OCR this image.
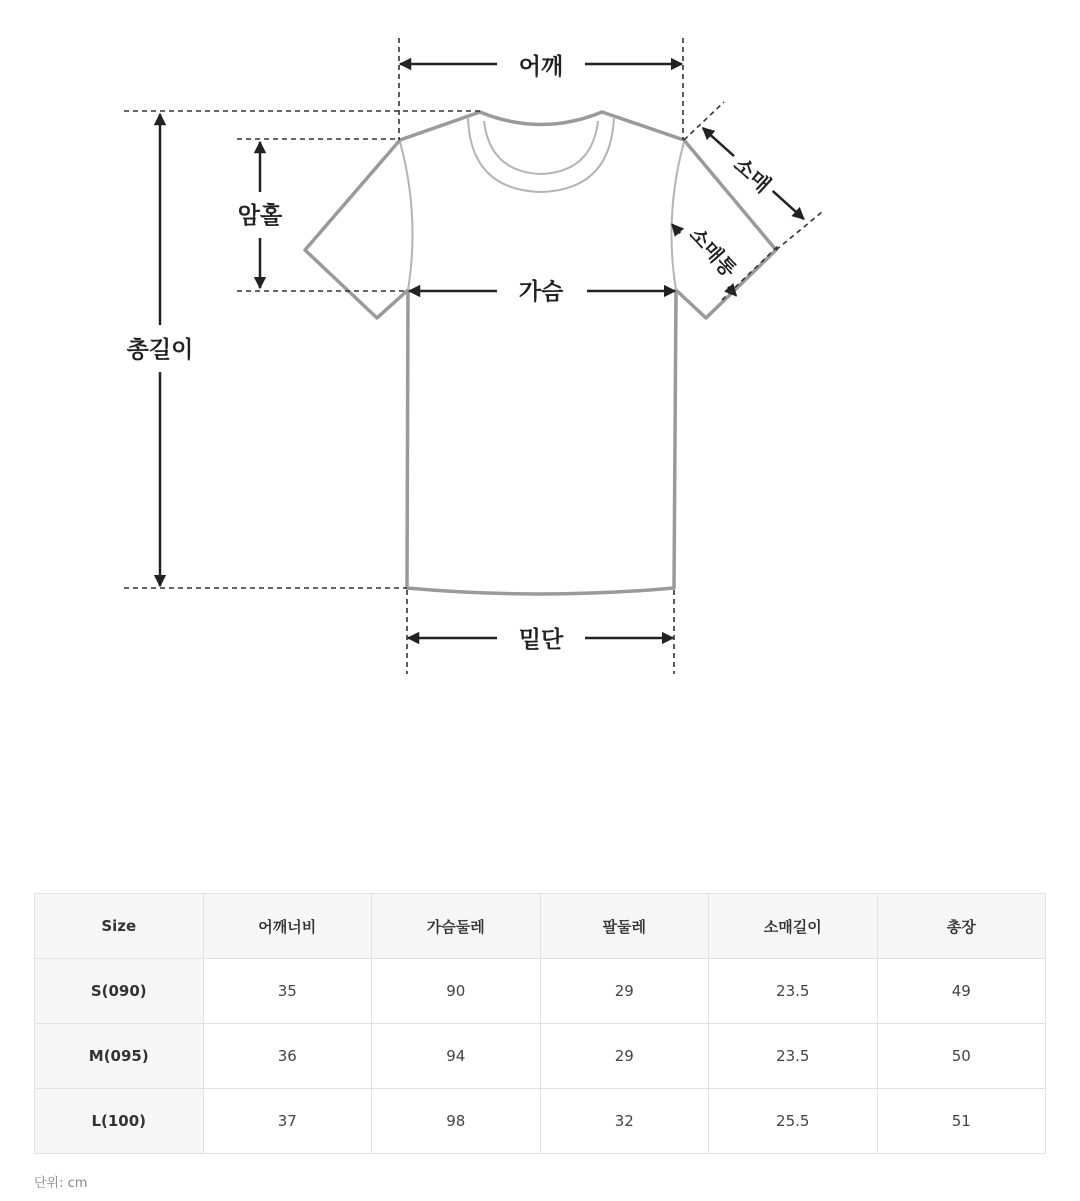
어깨
가슴
밑단
암홀
총길이
소매
소매통
Size	어깨너비	가슴둘레	팔둘레	소매길이	총장
S(090)	35	90	29	23.5	49
M(095)	36	94	29	23.5	50
L(100)	37	98	32	25.5	51
단위: cm
